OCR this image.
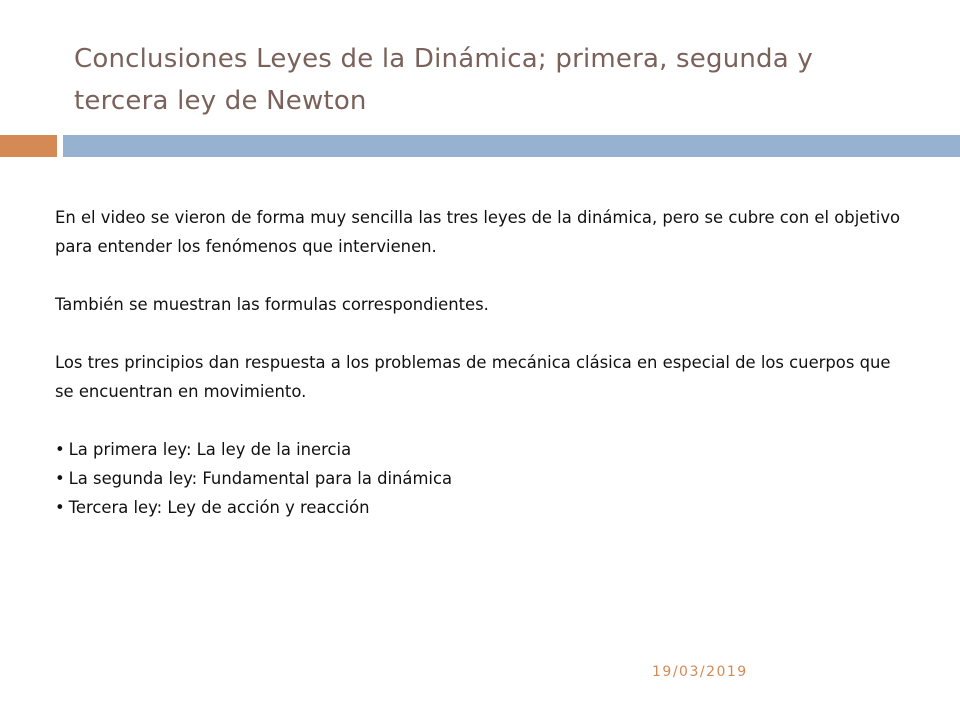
Conclusiones Leyes de la Dinámica; primera, segunda y tercera ley de Newton

En el video se vieron de forma muy sencilla las tres leyes de la dinámica, pero se cubre con el objetivo para entender los fenómenos que intervienen.

También se muestran las formulas correspondientes.

Los tres principios dan respuesta a los problemas de mecánica clásica en especial de los cuerpos que se encuentran en movimiento.

• La primera ley: La ley de la inercia
• La segunda ley: Fundamental para la dinámica
• Tercera ley: Ley de acción y reacción
19/03/2019
